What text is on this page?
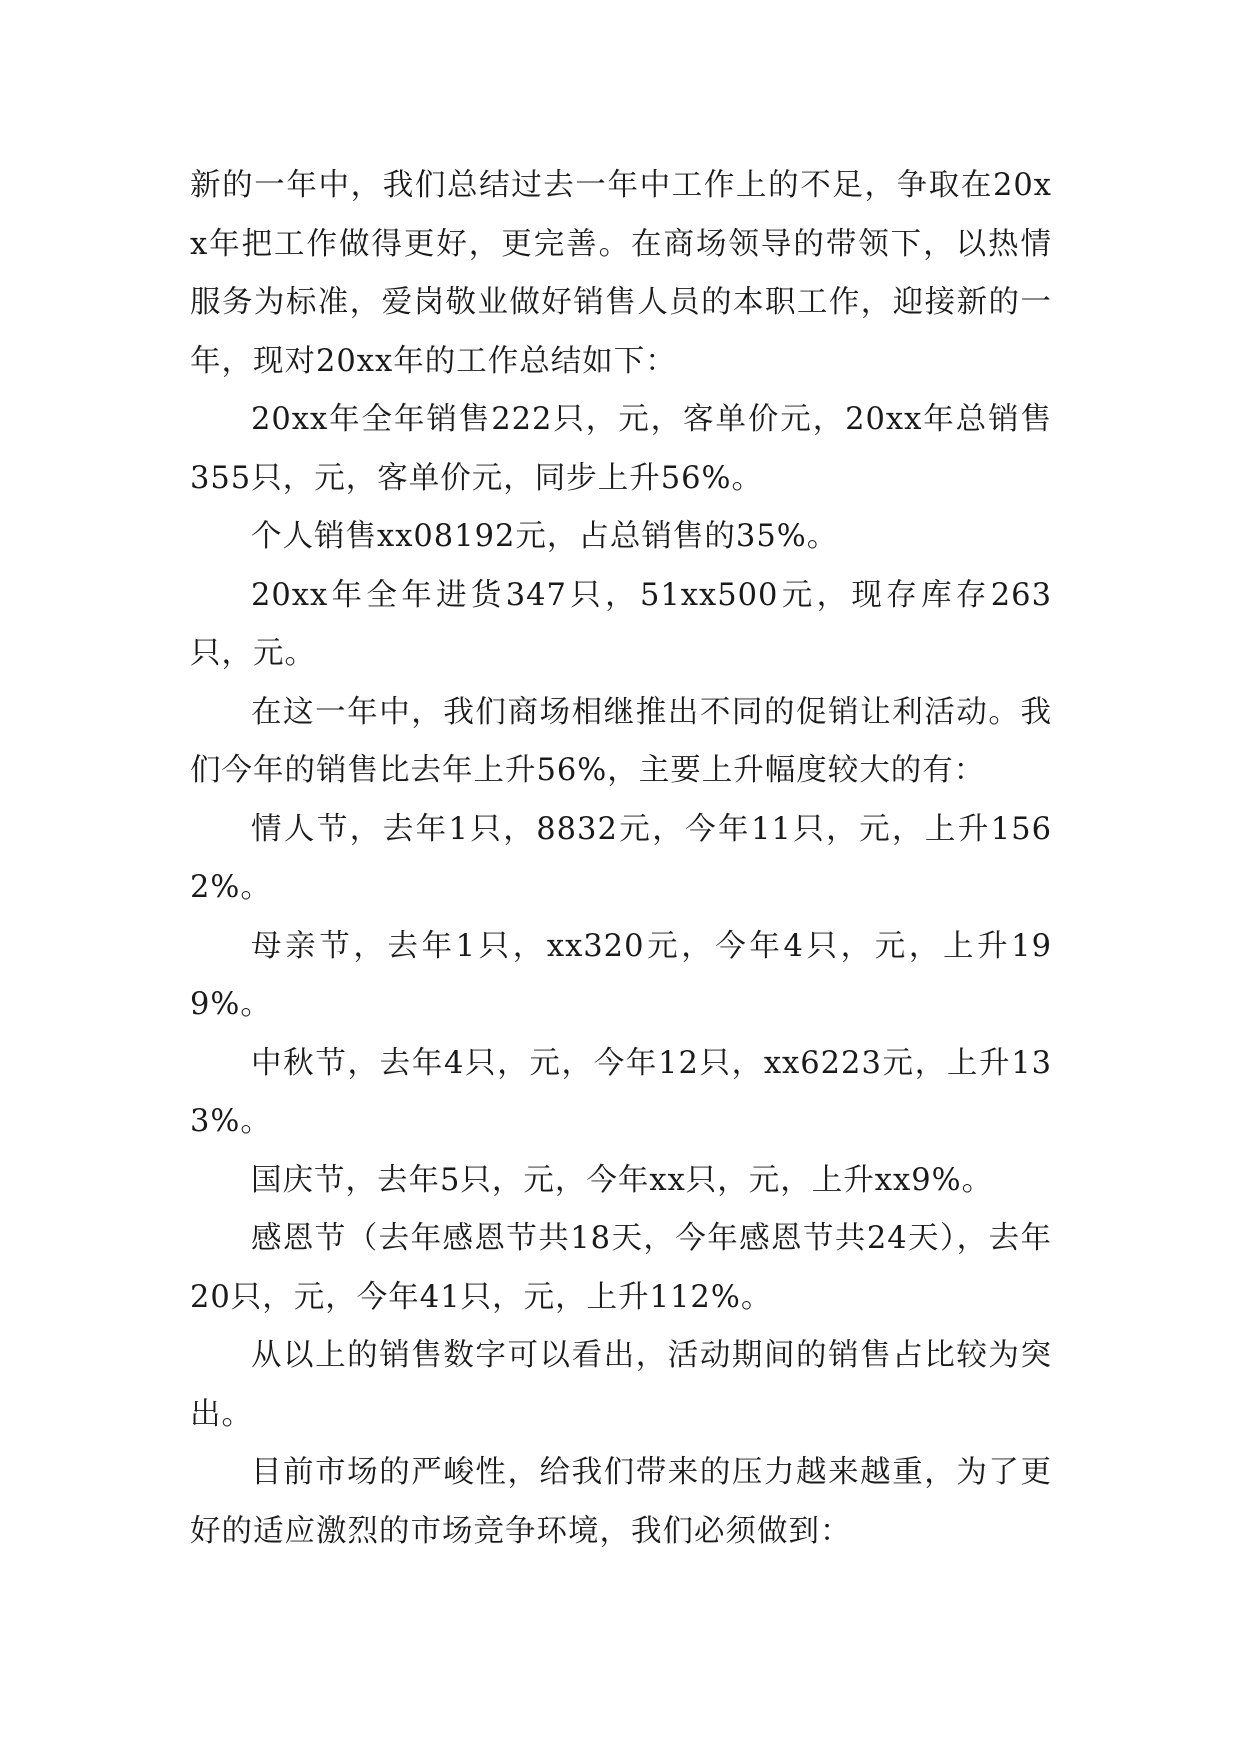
新的一年中，我们总结过去一年中工作上的不足，争取在20xx年把工作做得更好，更完善。在商场领导的带领下，以热情服务为标准，爱岗敬业做好销售人员的本职工作，迎接新的一年，现对20xx年的工作总结如下：

20xx年全年销售222只，元，客单价元，20xx年总销售355只，元，客单价元，同步上升56%。

个人销售xx08192元，占总销售的35%。

20xx年全年进货347只，51xx500元，现存库存263只，元。

在这一年中，我们商场相继推出不同的促销让利活动。我们今年的销售比去年上升56%，主要上升幅度较大的有：

情人节，去年1只，8832元，今年11只，元，上升1562%。

母亲节，去年1只，xx320元，今年4只，元，上升199%。

中秋节，去年4只，元，今年12只，xx6223元，上升133%。

国庆节，去年5只，元，今年xx只，元，上升xx9%。

感恩节（去年感恩节共18天，今年感恩节共24天），去年20只，元，今年41只，元，上升112%。

从以上的销售数字可以看出，活动期间的销售占比较为突出。

目前市场的严峻性，给我们带来的压力越来越重，为了更好的适应激烈的市场竞争环境，我们必须做到：
